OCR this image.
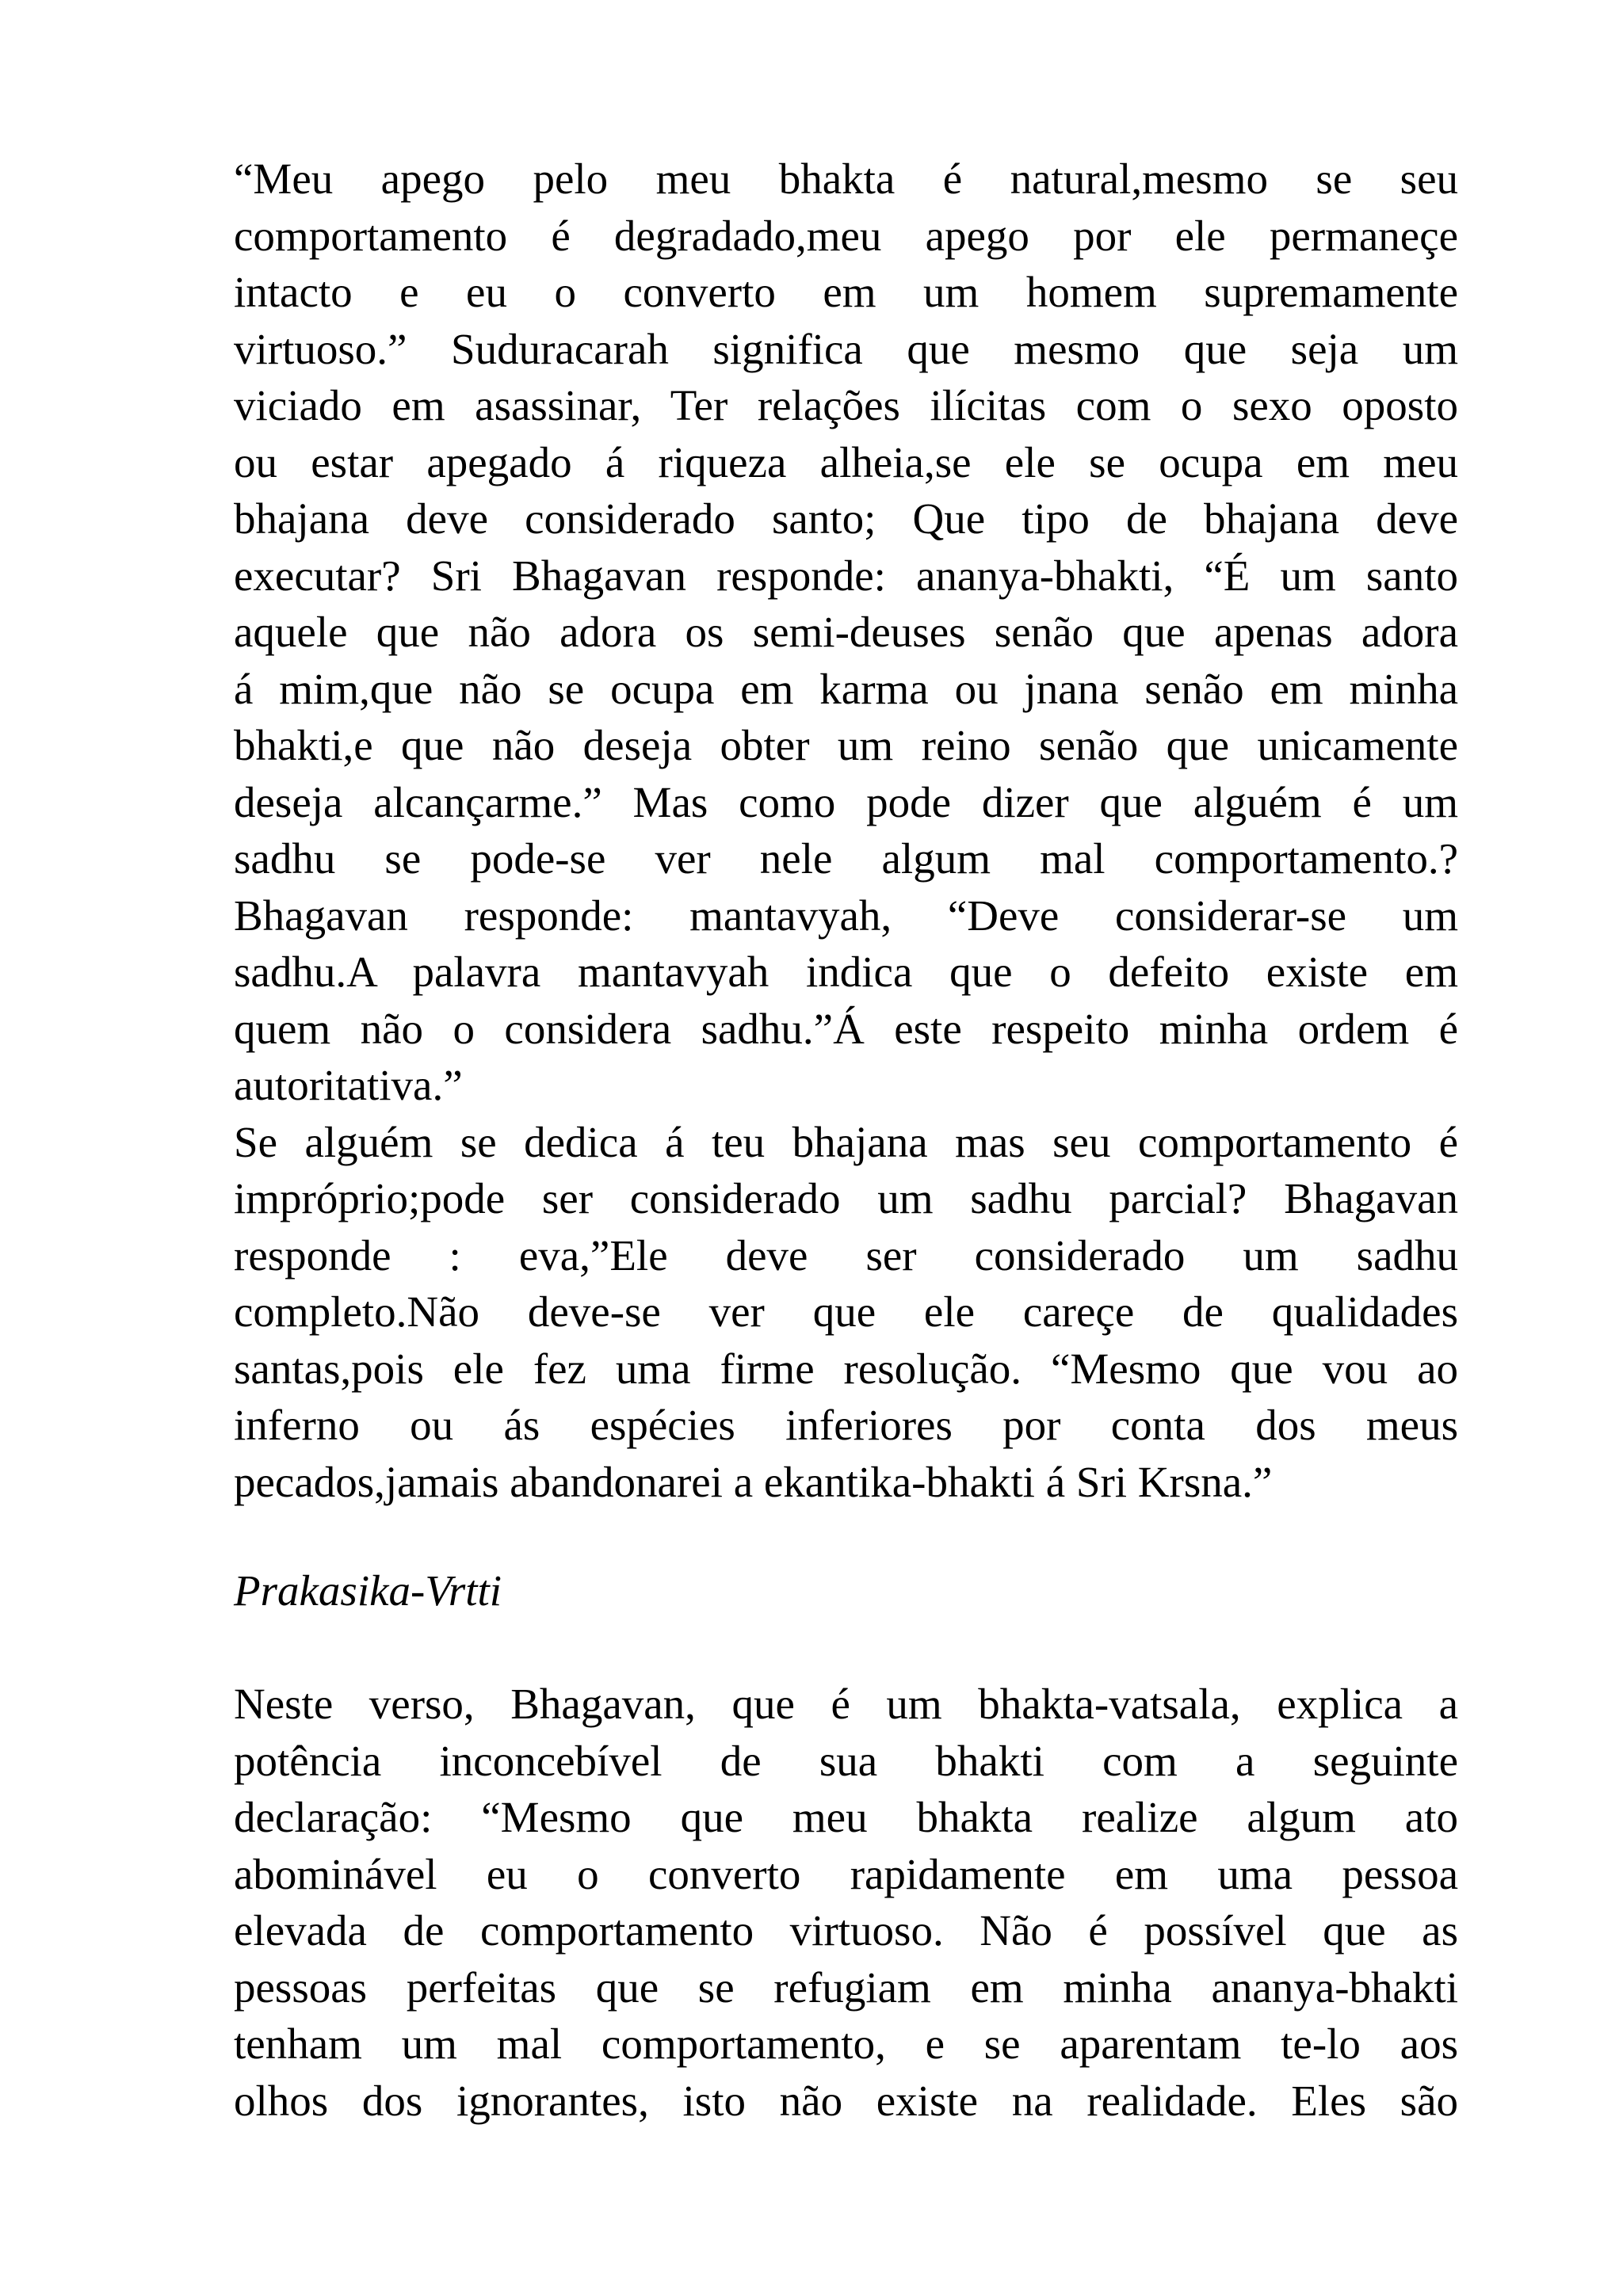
“Meu apego pelo meu bhakta é natural,mesmo se seu
comportamento é degradado,meu apego por ele permaneçe
intacto e eu o converto em um homem supremamente
virtuoso.” Suduracarah significa que mesmo que seja um
viciado em asassinar, Ter relações ilícitas com o sexo oposto
ou estar apegado á riqueza alheia,se ele se ocupa em meu
bhajana deve considerado santo; Que tipo de bhajana deve
executar? Sri Bhagavan responde: ananya-bhakti, “É um santo
aquele que não adora os semi-deuses senão que apenas adora
á mim,que não se ocupa em karma ou jnana senão em minha
bhakti,e que não deseja obter um reino senão que unicamente
deseja alcançarme.” Mas como pode dizer que alguém é um
sadhu se pode-se ver nele algum mal comportamento.?
Bhagavan responde: mantavyah, “Deve considerar-se um
sadhu.A palavra mantavyah indica que o defeito existe em
quem não o considera sadhu.”Á este respeito minha ordem é
autoritativa.”
Se alguém se dedica á teu bhajana mas seu comportamento é
impróprio;pode ser considerado um sadhu parcial? Bhagavan
responde : eva,”Ele deve ser considerado um sadhu
completo.Não deve-se ver que ele careçe de qualidades
santas,pois ele fez uma firme resolução. “Mesmo que vou ao
inferno ou ás espécies inferiores por conta dos meus
pecados,jamais abandonarei a ekantika-bhakti á Sri Krsna.”
Prakasika-Vrtti
Neste verso, Bhagavan, que é um bhakta-vatsala, explica a
potência inconcebível de sua bhakti com a seguinte
declaração: “Mesmo que meu bhakta realize algum ato
abominável eu o converto rapidamente em uma pessoa
elevada de comportamento virtuoso. Não é possível que as
pessoas perfeitas que se refugiam em minha ananya-bhakti
tenham um mal comportamento, e se aparentam te-lo aos
olhos dos ignorantes, isto não existe na realidade. Eles são
